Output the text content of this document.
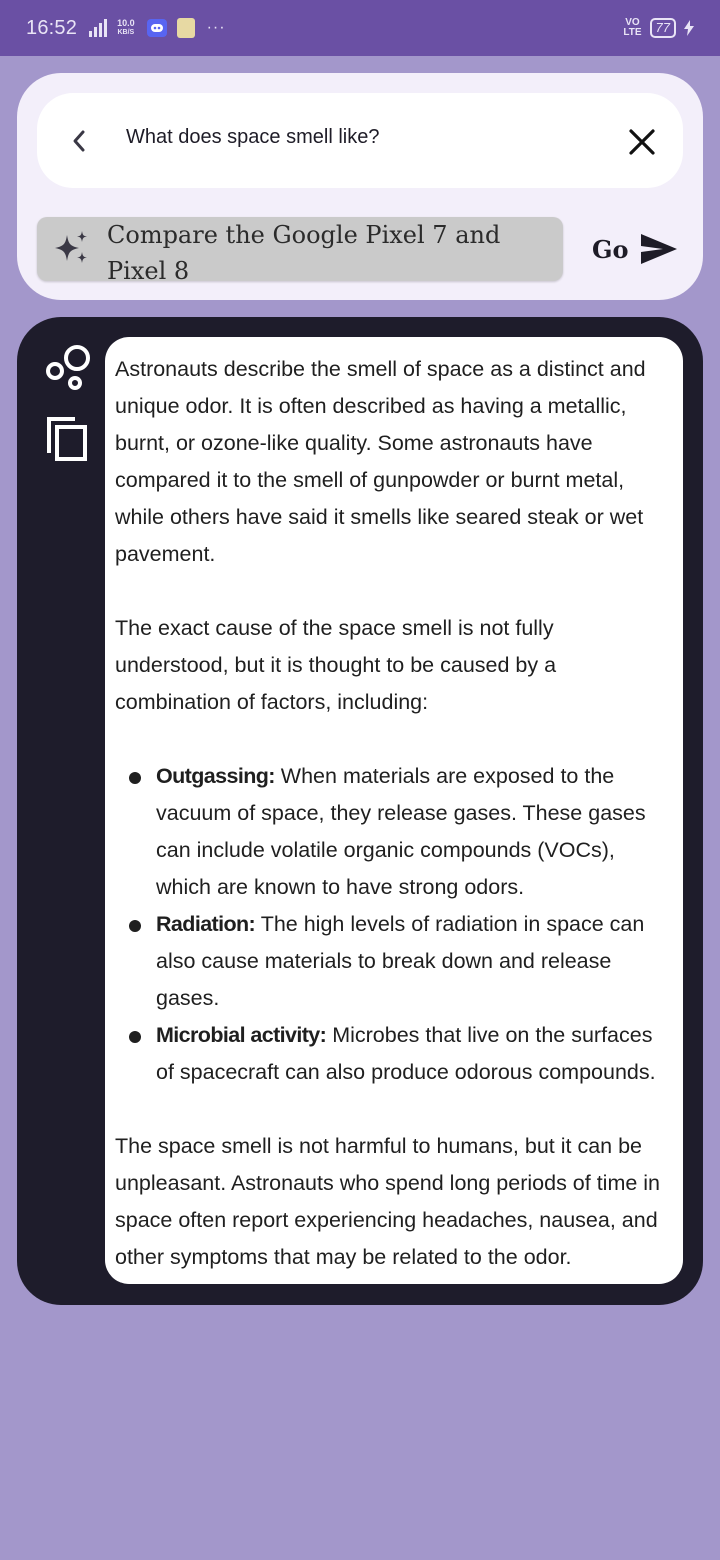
16:52	10.0
KB/S	···	VO
LTE	77
What does space smell like?
Compare the Google Pixel 7 and Pixel 8
Go

Astronauts describe the smell of space as a distinct and unique odor. It is often described as having a metallic, burnt, or ozone-like quality. Some astronauts have compared it to the smell of gunpowder or burnt metal, while others have said it smells like seared steak or wet pavement.

The exact cause of the space smell is not fully understood, but it is thought to be caused by a combination of factors, including:

Outgassing: When materials are exposed to the vacuum of space, they release gases. These gases can include volatile organic compounds (VOCs), which are known to have strong odors.
Radiation: The high levels of radiation in space can also cause materials to break down and release gases.
Microbial activity: Microbes that live on the surfaces of spacecraft can also produce odorous compounds.

The space smell is not harmful to humans, but it can be unpleasant. Astronauts who spend long periods of time in space often report experiencing headaches, nausea, and other symptoms that may be related to the odor.
